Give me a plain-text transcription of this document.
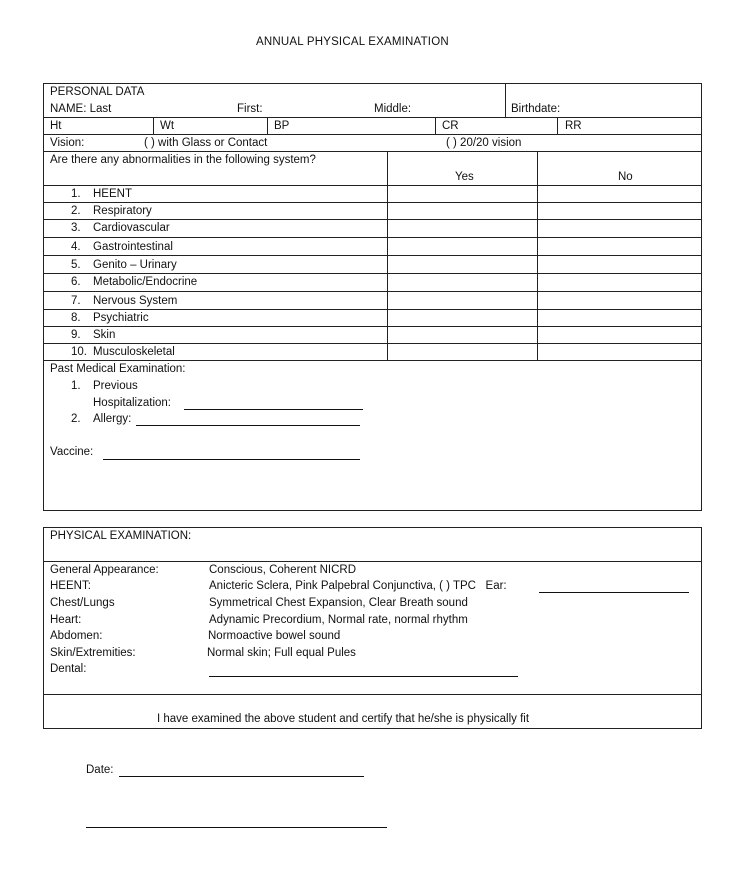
ANNUAL PHYSICAL EXAMINATION
PERSONAL DATA
NAME: Last	First:	Middle:	Birthdate:
Ht	Wt	BP	CR	RR
Vision:	( ) with Glass or Contact	( ) 20/20 vision
Are there any abnormalities in the following system?
Yes	No
1. HEENT
2. Respiratory
3. Cardiovascular
4. Gastrointestinal
5. Genito – Urinary
6. Metabolic/Endocrine
7. Nervous System
8. Psychiatric
9. Skin
10. Musculoskeletal
Past Medical Examination:
1. Previous
Hospitalization:
2. Allergy:
Vaccine:
PHYSICAL EXAMINATION:
General Appearance:	Conscious, Coherent NICRD
HEENT:	Anicteric Sclera, Pink Palpebral Conjunctiva, ( ) TPC   Ear:
Chest/Lungs	Symmetrical Chest Expansion, Clear Breath sound
Heart:	Adynamic Precordium, Normal rate, normal rhythm
Abdomen:	Normoactive bowel sound
Skin/Extremities:	Normal skin; Full equal Pules
Dental:
I have examined the above student and certify that he/she is physically fit
Date:
